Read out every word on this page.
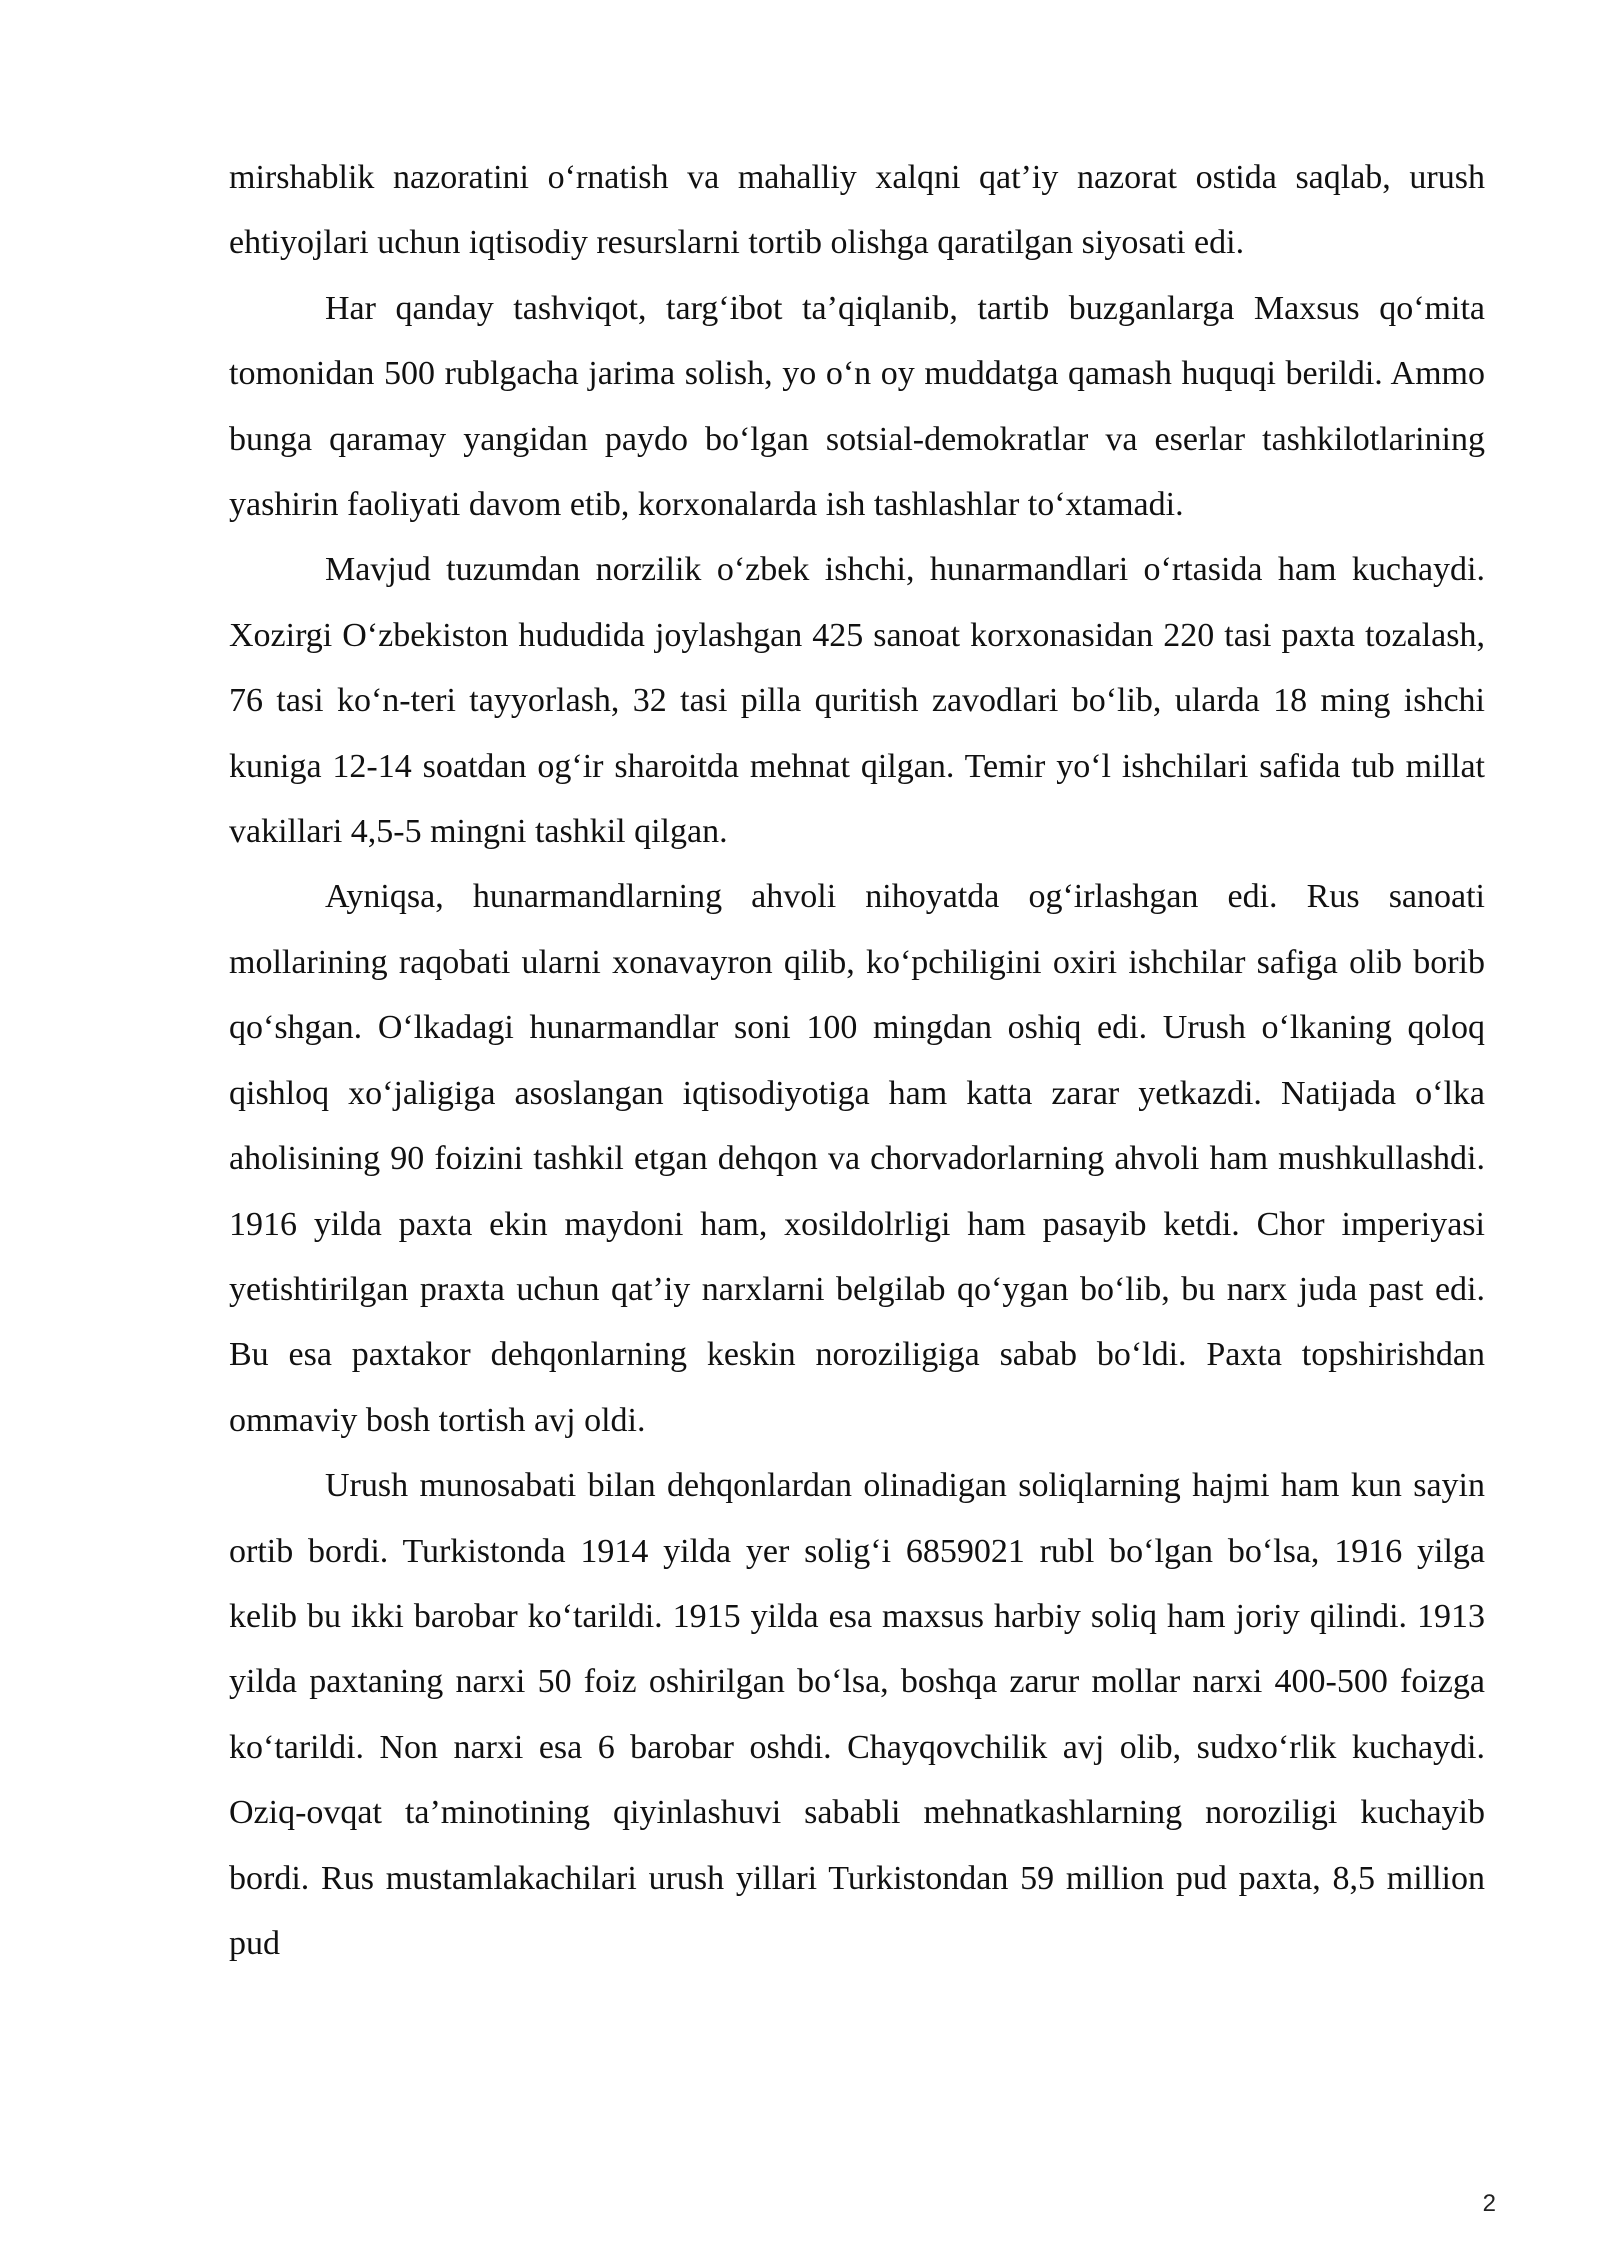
mirshablik nazoratini o‘rnatish va mahalliy xalqni qat’iy nazorat ostida saqlab, urush ehtiyojlari uchun iqtisodiy resurslarni tortib olishga qaratilgan siyosati edi.

Har qanday tashviqot, targ‘ibot ta’qiqlanib, tartib buzganlarga Maxsus qo‘mita tomonidan 500 rublgacha jarima solish, yo o‘n oy muddatga qamash huquqi berildi. Ammo bunga qaramay yangidan paydo bo‘lgan sotsial-demokratlar va eserlar tashkilotlarining yashirin faoliyati davom etib, korxonalarda ish tashlashlar to‘xtamadi.

Mavjud tuzumdan norzilik o‘zbek ishchi, hunarmandlari o‘rtasida ham kuchaydi. Xozirgi O‘zbekiston hududida joylashgan 425 sanoat korxonasidan 220 tasi paxta tozalash, 76 tasi ko‘n-teri tayyorlash, 32 tasi pilla quritish zavodlari bo‘lib, ularda 18 ming ishchi kuniga 12-14 soatdan og‘ir sharoitda mehnat qilgan. Temir yo‘l ishchilari safida tub millat vakillari 4,5-5 mingni tashkil qilgan.

Ayniqsa, hunarmandlarning ahvoli nihoyatda og‘irlashgan edi. Rus sanoati mollarining raqobati ularni xonavayron qilib, ko‘pchiligini oxiri ishchilar safiga olib borib qo‘shgan. O‘lkadagi hunarmandlar soni 100 mingdan oshiq edi. Urush o‘lkaning qoloq qishloq xo‘jaligiga asoslangan iqtisodiyotiga ham katta zarar yetkazdi. Natijada o‘lka aholisining 90 foizini tashkil etgan dehqon va chorvadorlarning ahvoli ham mushkullashdi. 1916 yilda paxta ekin maydoni ham, xosildolrligi ham pasayib ketdi. Chor imperiyasi yetishtirilgan praxta uchun qat’iy narxlarni belgilab qo‘ygan bo‘lib, bu narx juda past edi. Bu esa paxtakor dehqonlarning keskin noroziligiga sabab bo‘ldi. Paxta topshirishdan ommaviy bosh tortish avj oldi.

Urush munosabati bilan dehqonlardan olinadigan soliqlarning hajmi ham kun sayin ortib bordi. Turkistonda 1914 yilda yer solig‘i 6859021 rubl bo‘lgan bo‘lsa, 1916 yilga kelib bu ikki barobar ko‘tarildi. 1915 yilda esa maxsus harbiy soliq ham joriy qilindi. 1913 yilda paxtaning narxi 50 foiz oshirilgan bo‘lsa, boshqa zarur mollar narxi 400-500 foizga ko‘tarildi. Non narxi esa 6 barobar oshdi. Chayqovchilik avj olib, sudxo‘rlik kuchaydi. Oziq-ovqat ta’minotining qiyinlashuvi sababli mehnatkashlarning noroziligi kuchayib bordi. Rus mustamlakachilari urush yillari Turkistondan 59 million pud paxta, 8,5 million pud

2
